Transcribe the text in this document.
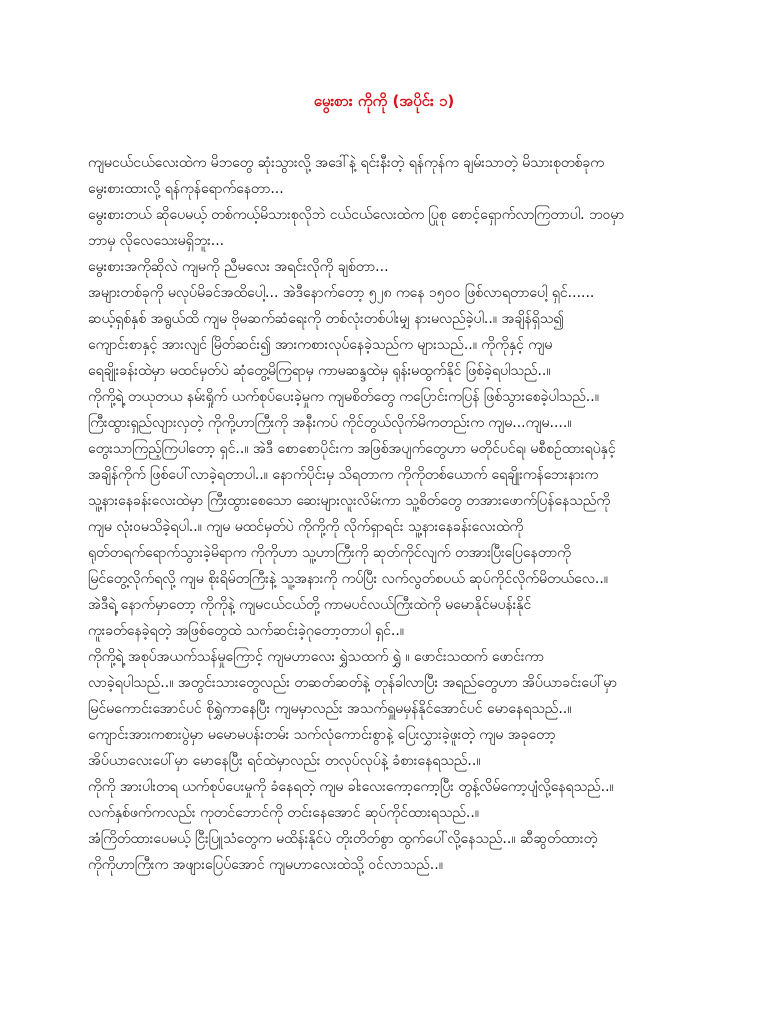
မွေးစား ကိုကို (အပိုင်း ၁)
ကျမငယ်ငယ်လေးထဲက မိဘတွေ ဆုံးသွားလို့ အဒေါ်နဲ့ ရင်းနီးတဲ့ ရန်ကုန်က ချမ်းသာတဲ့ မိသားစုတစ်ခုက
မွေးစားထားလို့ ရန်ကုန်ရောက်နေတာ...
မွေးစားတယ် ဆိုပေမယ့် တစ်ကယ့်မိသားစုလိုဘဲ ငယ်ငယ်လေးထဲက ပြုစု စောင့်ရှောက်လာကြတာပါ. ဘဝမှာ
ဘာမှ လိုလေသေးမရှိဘူး...
မွေးစားအကိုဆိုလဲ ကျမကို ညီမလေး အရင်းလိုကို ချစ်တာ...
အများတစ်ခုကို မလုပ်မိခင်အထိပေါ့... အဲဒီနောက်တော့ ၅၂၈ ကနေ ၁၅၀၀ ဖြစ်လာရတာပေါ့ ရှင်......
ဆယ့်ရှစ်နှစ် အရွယ်ထိ ကျမ ဗိုမဆက်ဆံရေးကို တစ်လုံးတစ်ပါးမျှ နားမလည်ခဲ့ပါ..။ အချိန်ရှိသ၍
ကျောင်းစာနှင့် အားလျင် မြိတ်ဆင်း၍ အားကစားလုပ်နေခဲ့သည်က များသည်..။ ကိုကိုနှင့် ကျမ
ရေချိုးခန်းထဲမှာ မထင်မှတ်ပဲ ဆုံတွေ့မိကြရာမှ ကာမဆန္ဒထဲမှ ရုန်းမထွက်နိုင် ဖြစ်ခဲ့ရပါသည်..။
ကိုကို့ရဲ့ တယုတယ နမ်းရှိုက် ယက်စုပ်ပေးခဲ့မှုက ကျမစိတ်တွေ ကပြောင်းကပြန် ဖြစ်သွားစေခဲ့ပါသည်..။
ကြီးထွားရှည်လျားလှတဲ့ ကိုကို့ဟာကြီးကို အနီးကပ် ကိုင်တွယ်လိုက်မိကတည်းက ကျမ...ကျမ....။
တွေးသာကြည့်ကြပါတော့ ရှင်..။ အဲဒီ စောစောပိုင်းက အဖြစ်အပျက်တွေဟာ မတိုင်ပင်ရ၊ မစီစဉ်ထားရပဲနှင့်
အချိန်ကိုက် ဖြစ်ပေါ်လာခဲ့ရတာပါ..။ နောက်ပိုင်းမှ သိရတာက ကိုကိုတစ်ယောက် ရေချိုးကန်ဘေးနားက
သူ့နားနေခန်းလေးထဲမှာ ကြီးထွားစေသော ဆေးများလူးလိမ်းကာ သူ့စိတ်တွေ တအားဖောက်ပြန်နေသည်ကို
ကျမ လုံးဝမသိခဲ့ရပါ..။ ကျမ မထင်မှတ်ပဲ ကိုကို့ကို လိုက်ရှာရင်း သူ့နားနေခန်းလေးထဲကို
ရုတ်တရက်ရောက်သွားခဲ့မိရာက ကိုကိုဟာ သူ့ဟာကြီးကို ဆုတ်ကိုင်လျက် တအားပြီးပြေနေတာကို
မြင်တွေ့လိုက်ရလို့ ကျမ စိုးရိမ်တကြီးနဲ့ သူ့အနားကို ကပ်ပြီး လက်လွတ်စပယ် ဆုပ်ကိုင်လိုက်မိတယ်လေ..။
အဲဒီရဲ့ နောက်မှာတော့ ကိုကိုနဲ့ ကျမငယ်ငယ်တို့ ကာမပင်လယ်ကြီးထဲကို မမောနိုင်မပန်းနိုင်
ကူးခတ်နေခဲ့ရတဲ့ အဖြစ်တွေထဲ သက်ဆင်းခဲ့ဂုတော့တာပါ ရှင်..။
ကိုကို့ရဲ့ အစုပ်အယက်သန်မှုကြောင့် ကျမဟာလေး ရွှဲသထက် ရွှဲ ။ ဖောင်းသထက် ဖောင်းကာ
လာခဲ့ရပါသည်..။ အတွင်းသားတွေလည်း တဆတ်ဆတ်နဲ့ တုန်ခါလာပြီး အရည်တွေဟာ အိပ်ယာခင်းပေါ်မှာ
မြင်မကောင်းအောင်ပင် စိုရွှဲကာနေပြီး ကျမမှာလည်း အသက်ရှူမမှန်နိုင်အောင်ပင် မောနေရသည်..။
ကျောင်းအားကစားပွဲမှာ မမောမပန်းတမ်း သက်လုံကောင်းစွာနဲ့ ပြေးလွှားခဲ့ဖူးတဲ့ ကျမ အခုတော့
အိပ်ယာလေးပေါ်မှာ မောနေပြီး ရင်ထဲမှာလည်း တလုပ်လုပ်နဲ့ ခံစားနေရသည်..။
ကိုကို အားပါးတရ ယက်စုပ်ပေးမှုကို ခံနေရတဲ့ ကျမ ခါးလေးကော့ကော့ပြီး တွန့်လိမ်ကော့ပျံလို့နေရသည်..။
လက်နှစ်ဖက်ကလည်း ကုတင်ဘောင်ကို တင်းနေအောင် ဆုပ်ကိုင်ထားရသည်..။
အံကြိတ်ထားပေမယ့် ငြီးပြူသံတွေက မထိန်းနိုင်ပဲ တိုးတိတ်စွာ ထွက်ပေါ်လို့နေသည်..။ ဆီဆွတ်ထားတဲ့
ကိုကိုဟာကြီးက အဖျားပြေပ်အောင် ကျမဟာလေးထဲသို့ ဝင်လာသည်..။
